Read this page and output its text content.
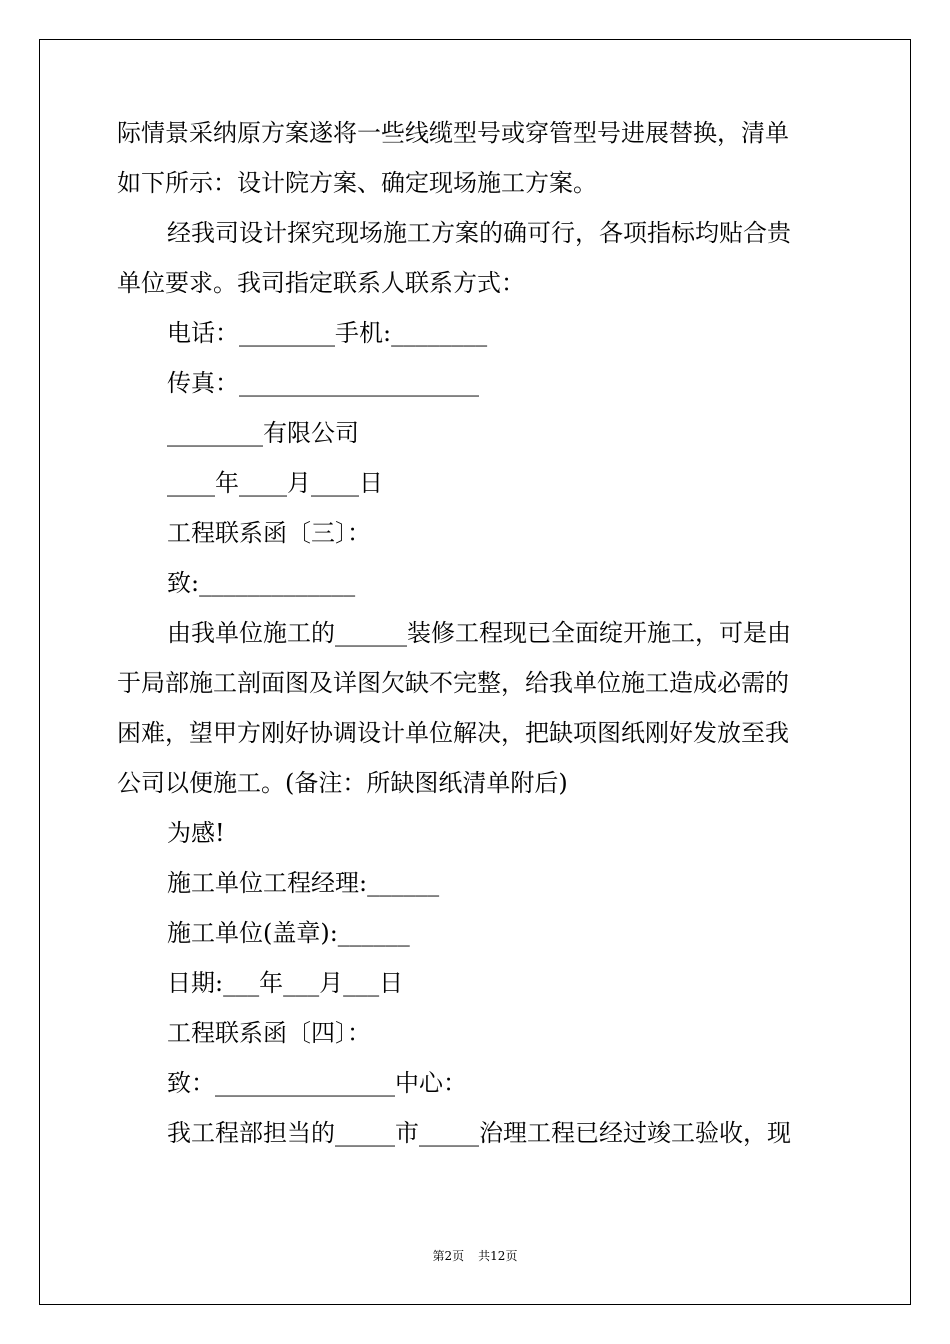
际情景采纳原方案遂将一些线缆型号或穿管型号进展替换，清单
如下所示：设计院方案、确定现场施工方案。
经我司设计探究现场施工方案的确可行，各项指标均贴合贵
单位要求。我司指定联系人联系方式：
电话：________手机:________
传真：____________________
________有限公司
____年____月____日
工程联系函〔三〕：
致:_____________
由我单位施工的______装修工程现已全面绽开施工，可是由
于局部施工剖面图及详图欠缺不完整，给我单位施工造成必需的
困难，望甲方刚好协调设计单位解决，把缺项图纸刚好发放至我
公司以便施工。(备注：所缺图纸清单附后)
为感!
施工单位工程经理:______
施工单位(盖章):______
日期:___年___月___日
工程联系函〔四〕：
致：_______________中心：
我工程部担当的_____市_____治理工程已经过竣工验收，现
第2页 共12页
